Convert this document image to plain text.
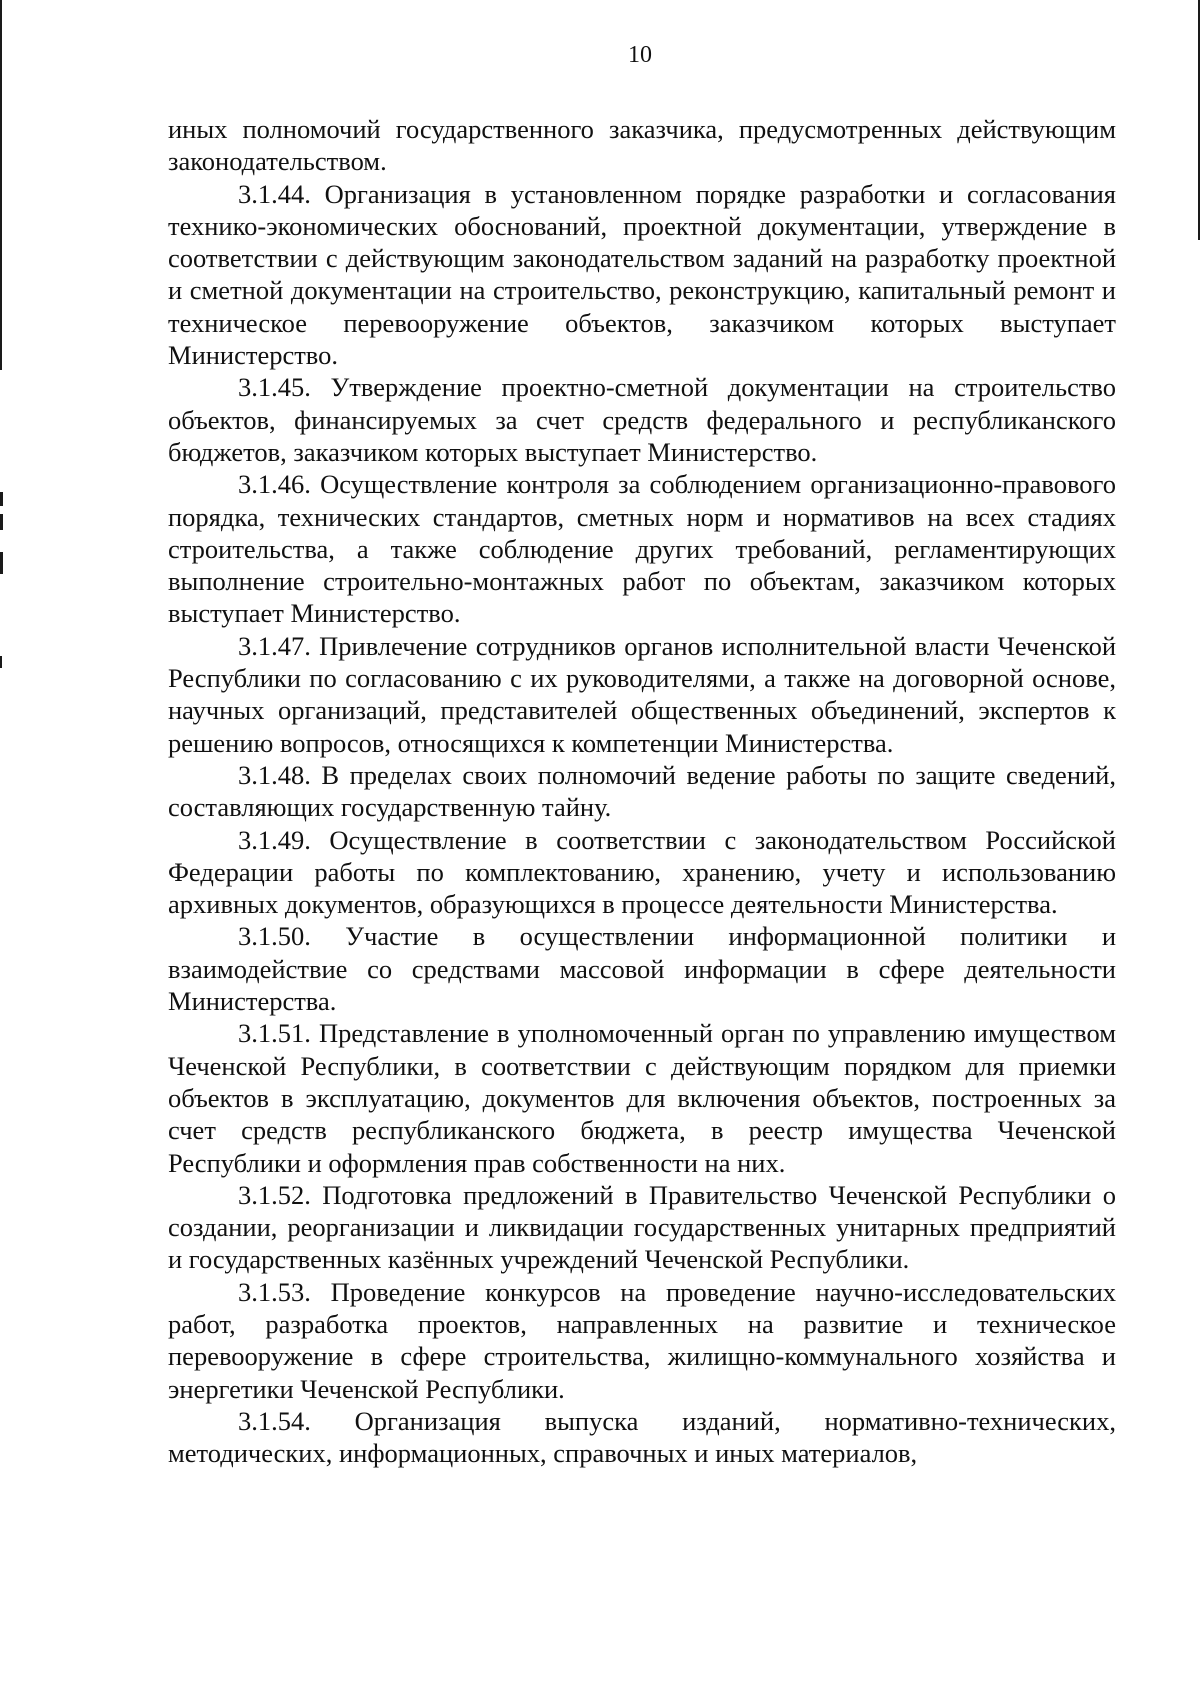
10

иных полномочий государственного заказчика, предусмотренных действующим законодательством.

3.1.44. Организация в установленном порядке разработки и согласования технико-экономических обоснований, проектной документации, утверждение в соответствии с действующим законодательством заданий на разработку проектной и сметной документации на строительство, реконструкцию, капитальный ремонт и техническое перевооружение объектов, заказчиком которых выступает Министерство.

3.1.45. Утверждение проектно-сметной документации на строительство объектов, финансируемых за счет средств федерального и республиканского бюджетов, заказчиком которых выступает Министерство.

3.1.46. Осуществление контроля за соблюдением организационно-правового порядка, технических стандартов, сметных норм и нормативов на всех стадиях строительства, а также соблюдение других требований, регламентирующих выполнение строительно-монтажных работ по объектам, заказчиком которых выступает Министерство.

3.1.47. Привлечение сотрудников органов исполнительной власти Чеченской Республики по согласованию с их руководителями, а также на договорной основе, научных организаций, представителей общественных объединений, экспертов к решению вопросов, относящихся к компетенции Министерства.

3.1.48. В пределах своих полномочий ведение работы по защите сведений, составляющих государственную тайну.

3.1.49. Осуществление в соответствии с законодательством Российской Федерации работы по комплектованию, хранению, учету и использованию архивных документов, образующихся в процессе деятельности Министерства.

3.1.50. Участие в осуществлении информационной политики и взаимодействие со средствами массовой информации в сфере деятельности Министерства.

3.1.51. Представление в уполномоченный орган по управлению имуществом Чеченской Республики, в соответствии с действующим порядком для приемки объектов в эксплуатацию, документов для включения объектов, построенных за счет средств республиканского бюджета, в реестр имущества Чеченской Республики и оформления прав собственности на них.

3.1.52. Подготовка предложений в Правительство Чеченской Республики о создании, реорганизации и ликвидации государственных унитарных предприятий и государственных казённых учреждений Чеченской Республики.

3.1.53. Проведение конкурсов на проведение научно-исследовательских работ, разработка проектов, направленных на развитие и техническое перевооружение в сфере строительства, жилищно-коммунального хозяйства и энергетики Чеченской Республики.

3.1.54. Организация выпуска изданий, нормативно-технических, методических, информационных, справочных и иных материалов,
